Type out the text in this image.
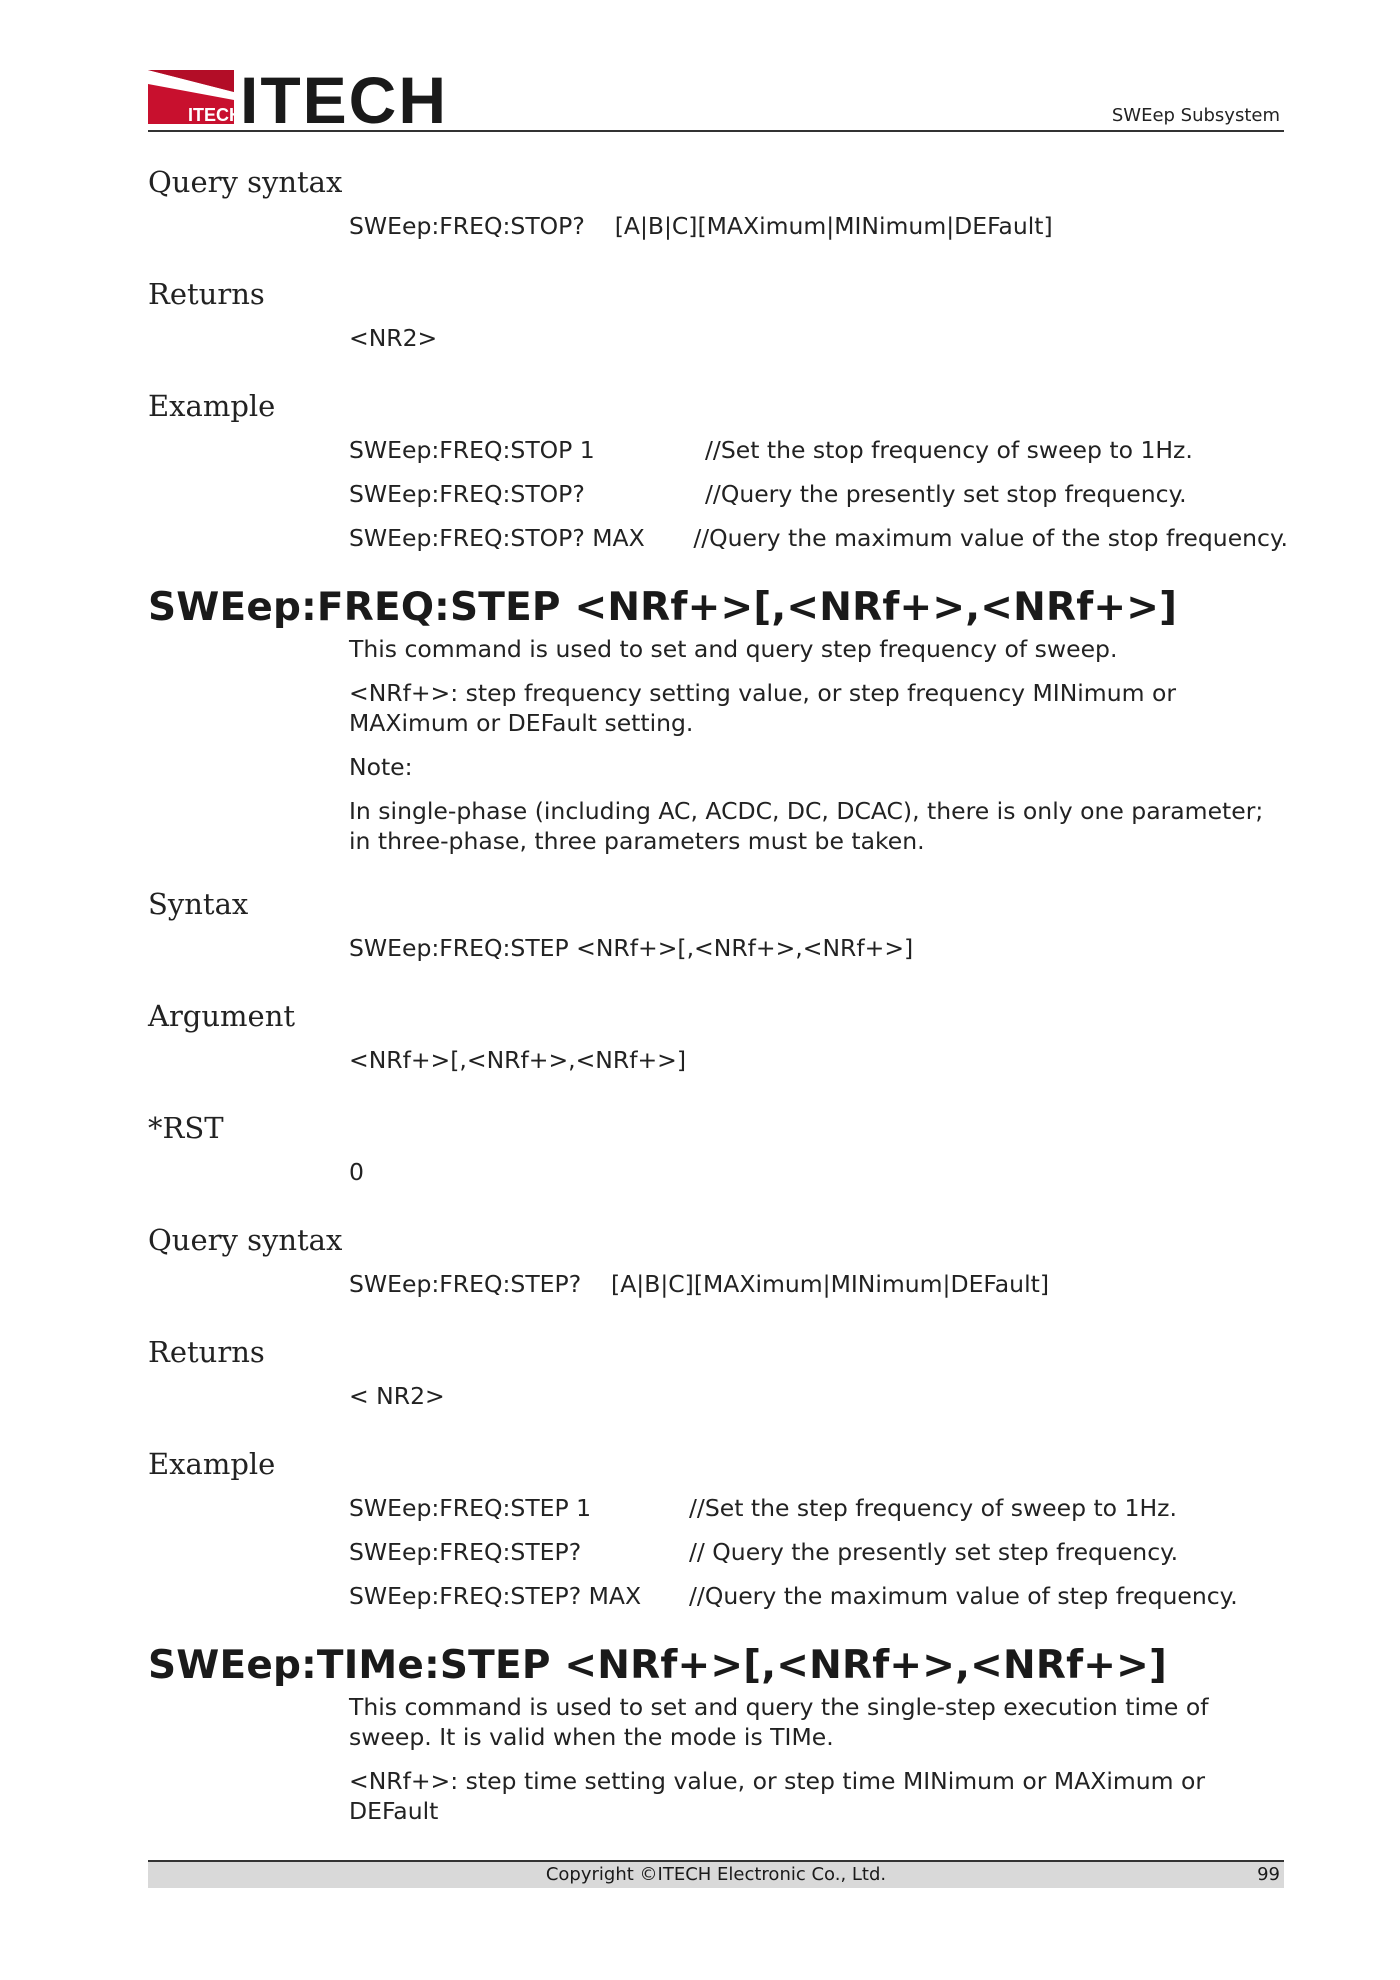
ITECH
ITECH	SWEep Subsystem
Query syntax
SWEep:FREQ:STOP?    [A|B|C][MAXimum|MINimum|DEFault]
Returns
<NR2>
Example
SWEep:FREQ:STOP 1	//Set the stop frequency of sweep to 1Hz.
SWEep:FREQ:STOP?	//Query the presently set stop frequency.
SWEep:FREQ:STOP? MAX	//Query the maximum value of the stop frequency.
SWEep:FREQ:STEP <NRf+>[,<NRf+>,<NRf+>]

This command is used to set and query step frequency of sweep.

<NRf+>: step frequency setting value, or step frequency MINimum or MAXimum or DEFault setting.

Note:

In single-phase (including AC, ACDC, DC, DCAC), there is only one parameter; in three-phase, three parameters must be taken.

Syntax
SWEep:FREQ:STEP <NRf+>[,<NRf+>,<NRf+>]
Argument
<NRf+>[,<NRf+>,<NRf+>]
*RST
0
Query syntax
SWEep:FREQ:STEP?    [A|B|C][MAXimum|MINimum|DEFault]
Returns
< NR2>
Example
SWEep:FREQ:STEP 1	//Set the step frequency of sweep to 1Hz.
SWEep:FREQ:STEP?	// Query the presently set step frequency.
SWEep:FREQ:STEP? MAX	//Query the maximum value of step frequency.
SWEep:TIMe:STEP <NRf+>[,<NRf+>,<NRf+>]

This command is used to set and query the single-step execution time of sweep. It is valid when the mode is TIMe.

<NRf+>: step time setting value, or step time MINimum or MAXimum or DEFault

Copyright ©ITECH Electronic Co., Ltd.	99
